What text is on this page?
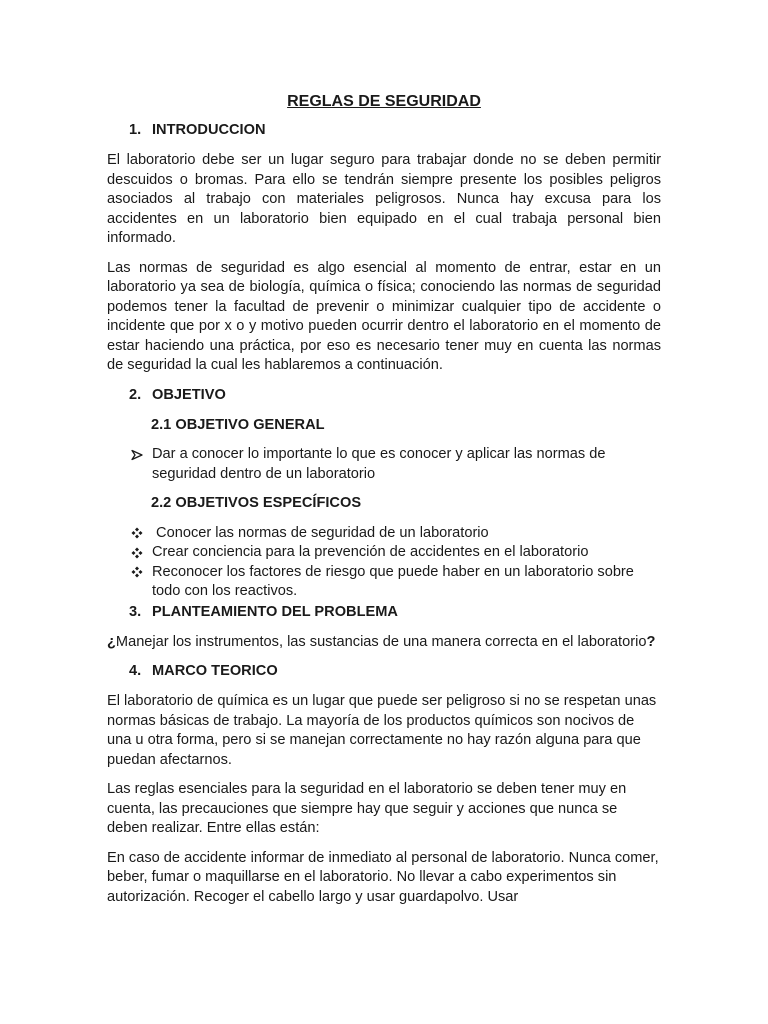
REGLAS DE SEGURIDAD
1. INTRODUCCION

El laboratorio debe ser un lugar seguro para trabajar donde no se deben permitir descuidos o bromas. Para ello se tendrán siempre presente los posibles peligros asociados al trabajo con materiales peligrosos. Nunca hay excusa para los accidentes en un laboratorio bien equipado en el cual trabaja personal bien informado.

Las normas de seguridad es algo esencial al momento de entrar, estar en un laboratorio ya sea de biología, química o física; conociendo las normas de seguridad podemos tener la facultad de prevenir o minimizar cualquier tipo de accidente o incidente que por x o y motivo pueden ocurrir dentro el laboratorio en el momento de estar haciendo una práctica, por eso es necesario tener muy en cuenta las normas de seguridad la cual les hablaremos a continuación.

2. OBJETIVO
2.1 OBJETIVO GENERAL
Dar a conocer lo importante lo que es conocer y aplicar las normas de seguridad dentro de un laboratorio
2.2 OBJETIVOS ESPECÍFICOS
Conocer las normas de seguridad de un laboratorio
Crear conciencia para la prevención de accidentes en el laboratorio
Reconocer los factores de riesgo que puede haber en un laboratorio sobre todo con los reactivos.
3. PLANTEAMIENTO DEL PROBLEMA

¿Manejar los instrumentos, las sustancias de una manera correcta en el laboratorio?

4. MARCO TEORICO

El laboratorio de química es un lugar que puede ser peligroso si no se respetan unas normas básicas de trabajo. La mayoría de los productos químicos son nocivos de una u otra forma, pero si se manejan correctamente no hay razón alguna para que puedan afectarnos.

Las reglas esenciales para la seguridad en el laboratorio se deben tener muy en cuenta, las precauciones que siempre hay que seguir y acciones que nunca se deben realizar. Entre ellas están:

En caso de accidente informar de inmediato al personal de laboratorio. Nunca comer, beber, fumar o maquillarse en el laboratorio. No llevar a cabo experimentos sin autorización. Recoger el cabello largo y usar guardapolvo. Usar
